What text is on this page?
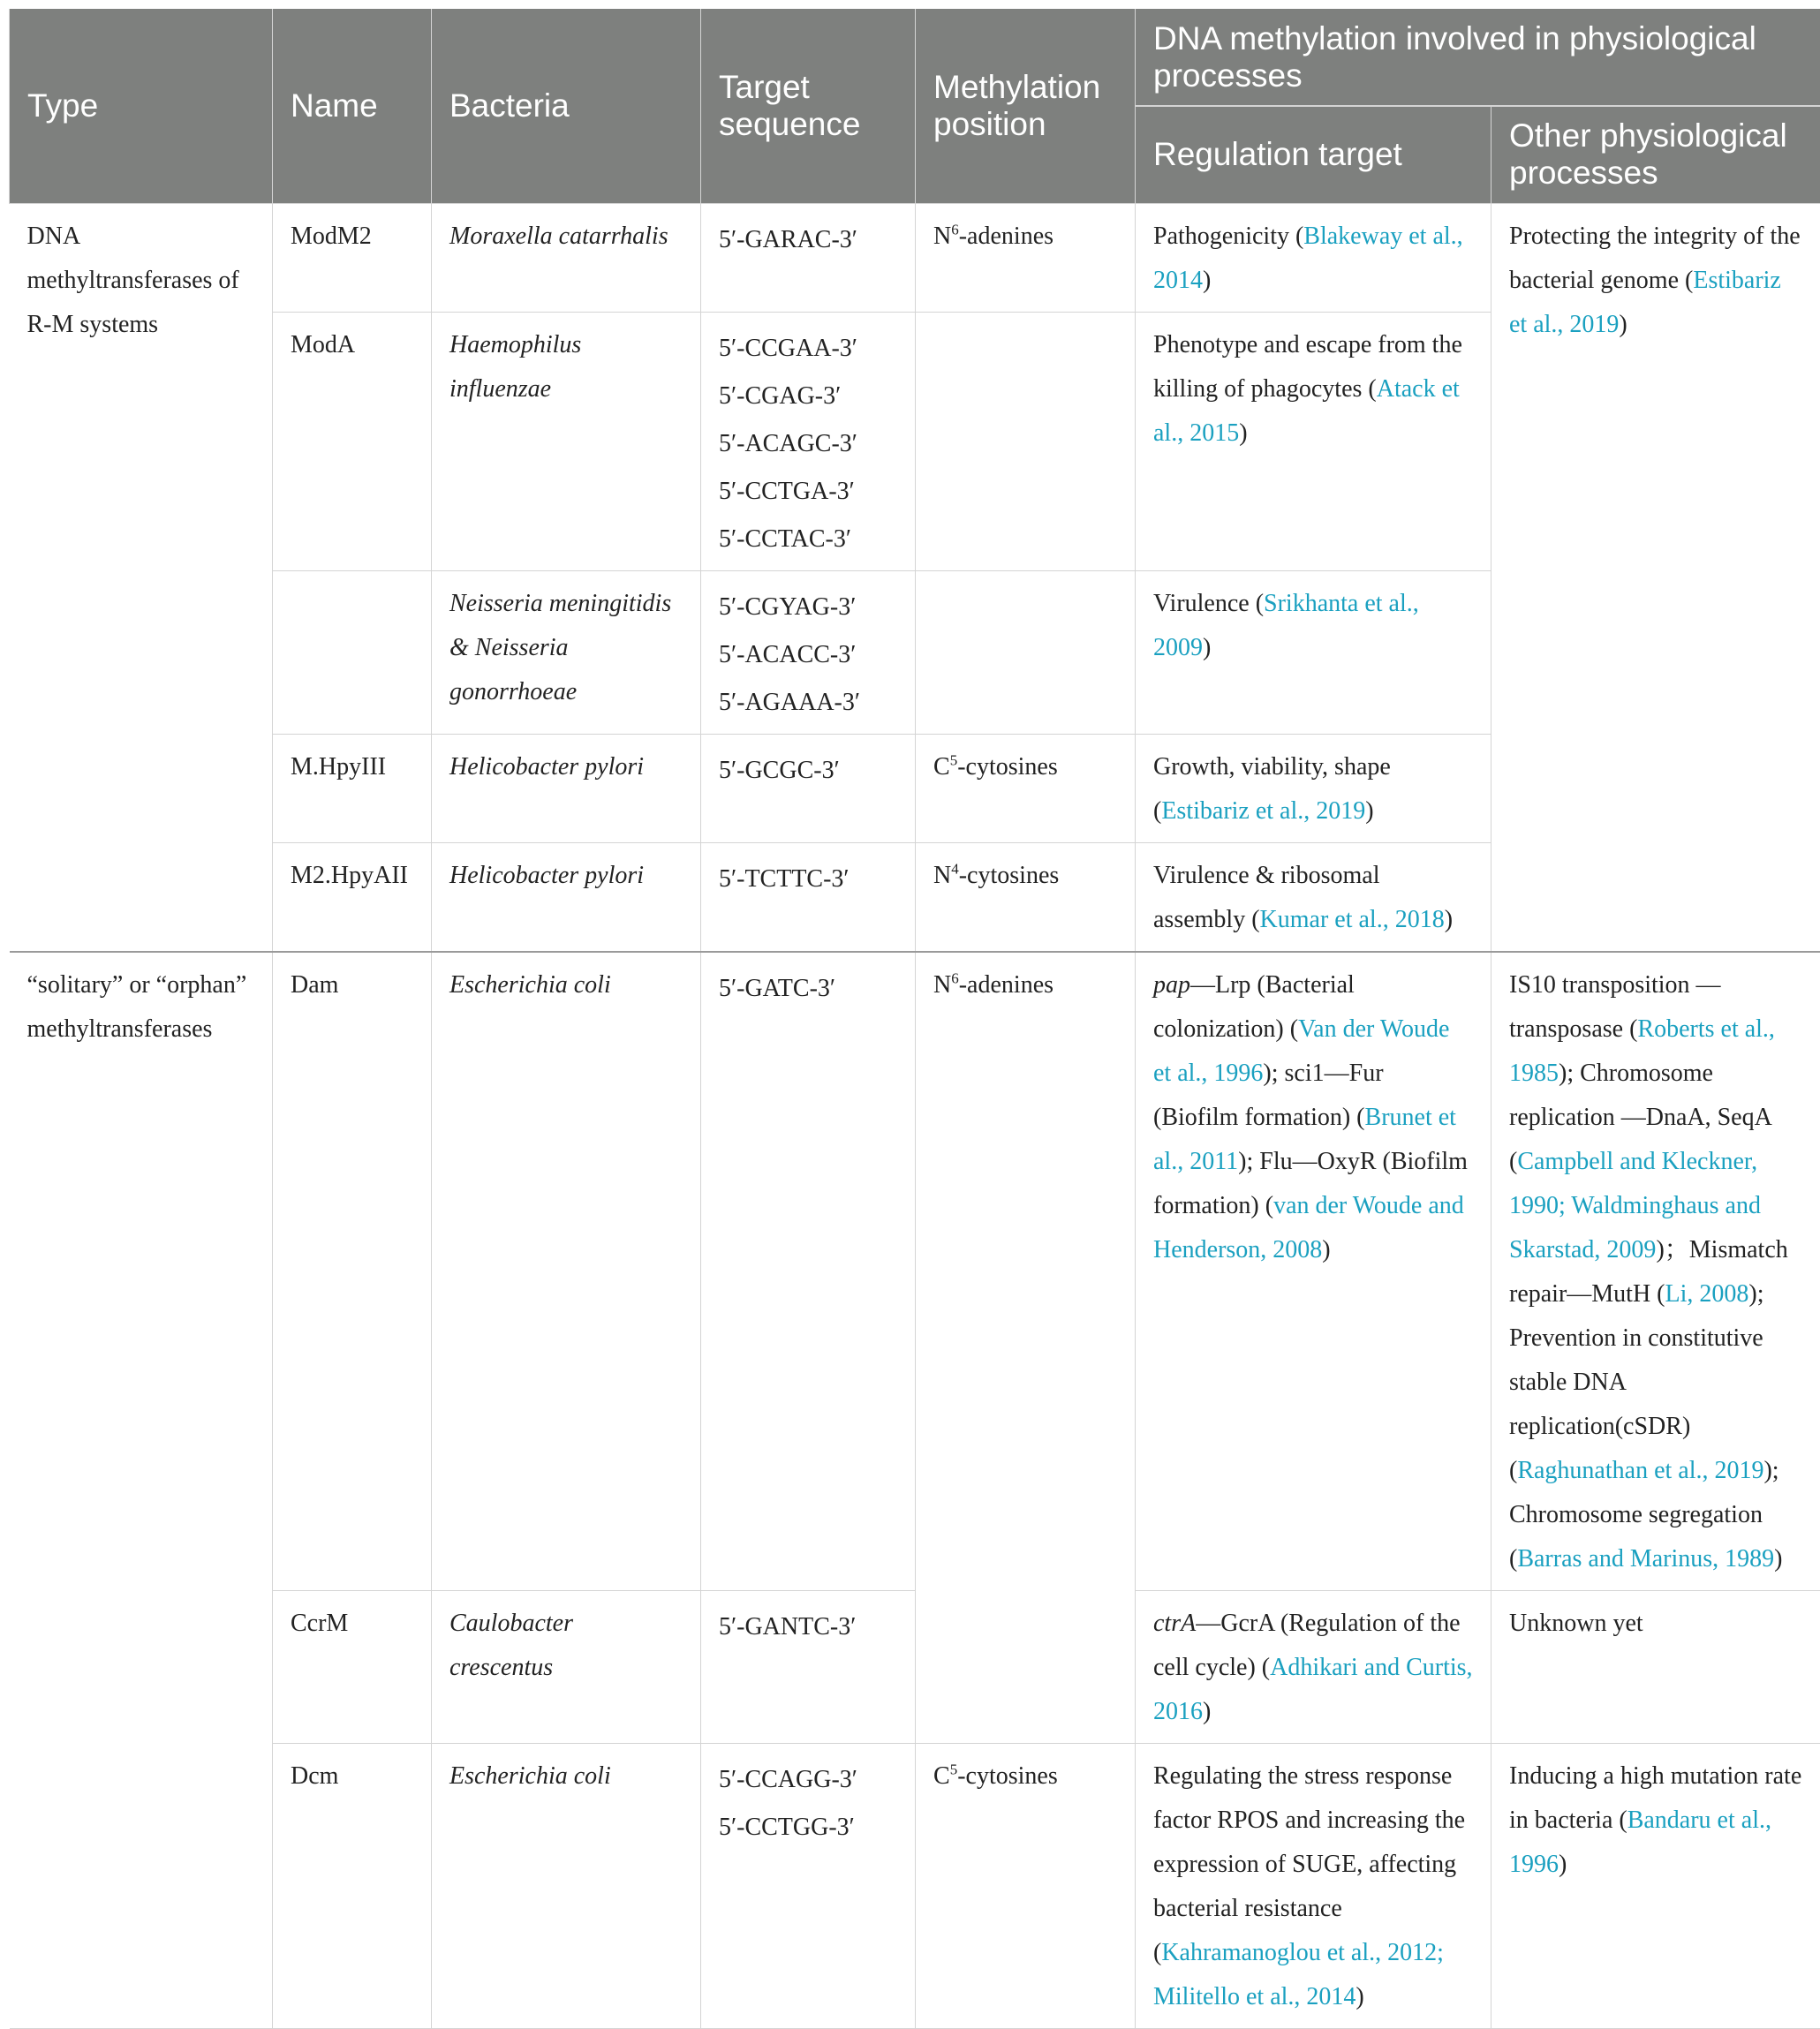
Type	Name	Bacteria	Target sequence	Methylation position	DNA methylation involved in physiological processes	
					Regulation target	Other physiological processes
DNA methyltransferases of R-M systems	ModM2	Moraxella catarrhalis	5′-GARAC-3′	$N^6$-adenines	Pathogenicity (Blakeway et al., 2014)	Protecting the integrity of the bacterial genome (Estibariz et al., 2019)
	ModA	Haemophilus influenzae	5′-CCGAA-3′
5′-CGAG-3′
5′-ACAGC-3′
5′-CCTGA-3′
5′-CCTAC-3′		Phenotype and escape from the killing of phagocytes (Atack et al., 2015)	
		Neisseria meningitidis & Neisseria gonorrhoeae	5′-CGYAG-3′
5′-ACACC-3′
5′-AGAAA-3′		Virulence (Srikhanta et al., 2009)	
	M.HpyIII	Helicobacter pylori	5′-GCGC-3′	$C^5$-cytosines	Growth, viability, shape (Estibariz et al., 2019)	
	M2.HpyAII	Helicobacter pylori	5′-TCTTC-3′	$N^4$-cytosines	Virulence & ribosomal assembly (Kumar et al., 2018)	
“solitary” or “orphan” methyltransferases	Dam	Escherichia coli	5′-GATC-3′	$N^6$-adenines	pap—Lrp (Bacterial colonization) (Van der Woude et al., 1996); sci1—Fur (Biofilm formation) (Brunet et al., 2011); Flu—OxyR (Biofilm formation) (van der Woude and Henderson, 2008)	IS10 transposition —transposase (Roberts et al., 1985); Chromosome replication —DnaA, SeqA (Campbell and Kleckner, 1990; Waldminghaus and Skarstad, 2009)；Mismatch repair—MutH (Li, 2008); Prevention in constitutive stable DNA replication(cSDR) (Raghunathan et al., 2019); Chromosome segregation (Barras and Marinus, 1989)
	CcrM	Caulobacter crescentus	5′-GANTC-3′		ctrA—GcrA (Regulation of the cell cycle) (Adhikari and Curtis, 2016)	Unknown yet
	Dcm	Escherichia coli	5′-CCAGG-3′
5′-CCTGG-3′	$C^5$-cytosines	Regulating the stress response factor RPOS and increasing the expression of SUGE, affecting bacterial resistance (Kahramanoglou et al., 2012; Militello et al., 2014)	Inducing a high mutation rate in bacteria (Bandaru et al., 1996)
